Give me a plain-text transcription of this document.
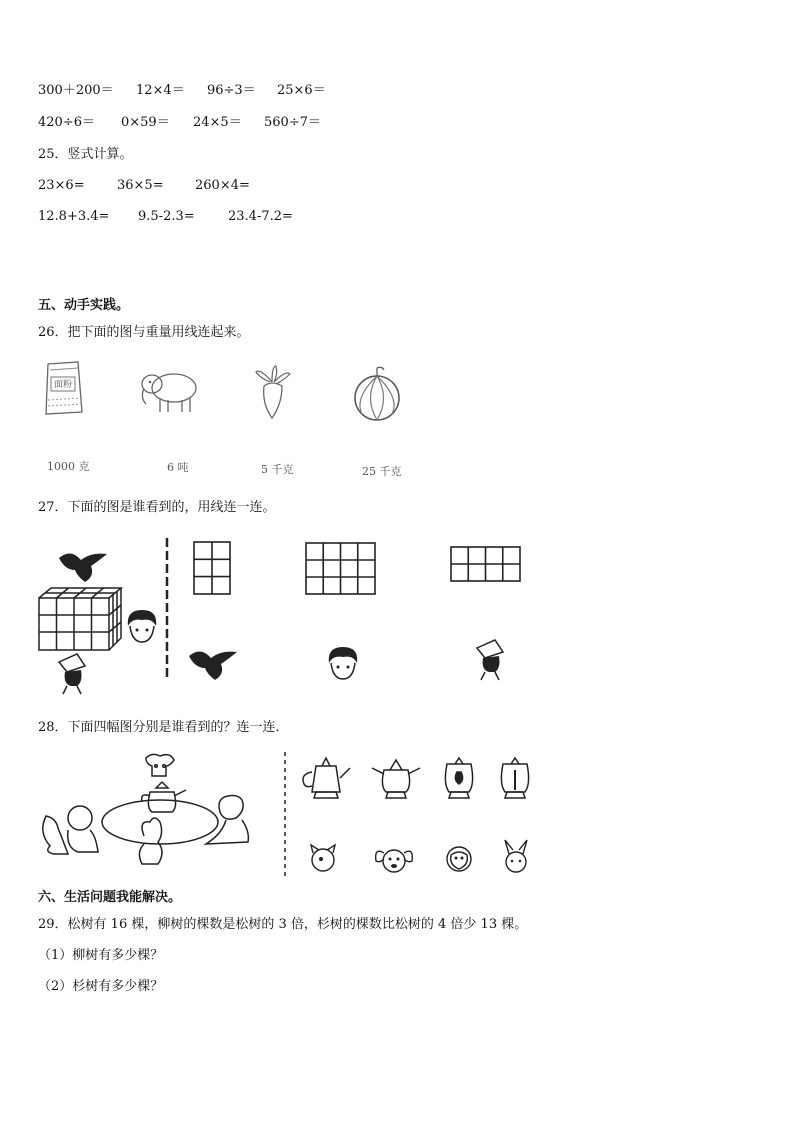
300＋200＝ 12×4＝ 96÷3＝ 25×6＝
420÷6＝ 0×59＝ 24×5＝ 560÷7＝
25．竖式计算。
23×6= 36×5= 260×4=
12.8+3.4= 9.5-2.3=	23.4-7.2=
五、动手实践。
26．把下面的图与重量用线连起来。
面粉
1000 克	6 吨	5 千克	25 千克
27．下面的图是谁看到的，用线连一连。
28．下面四幅图分别是谁看到的？连一连．
六、生活问题我能解决。
29．松树有 16 棵，柳树的棵数是松树的 3 倍，杉树的棵数比松树的 4 倍少 13 棵。
（1）柳树有多少棵？
（2）杉树有多少棵？
